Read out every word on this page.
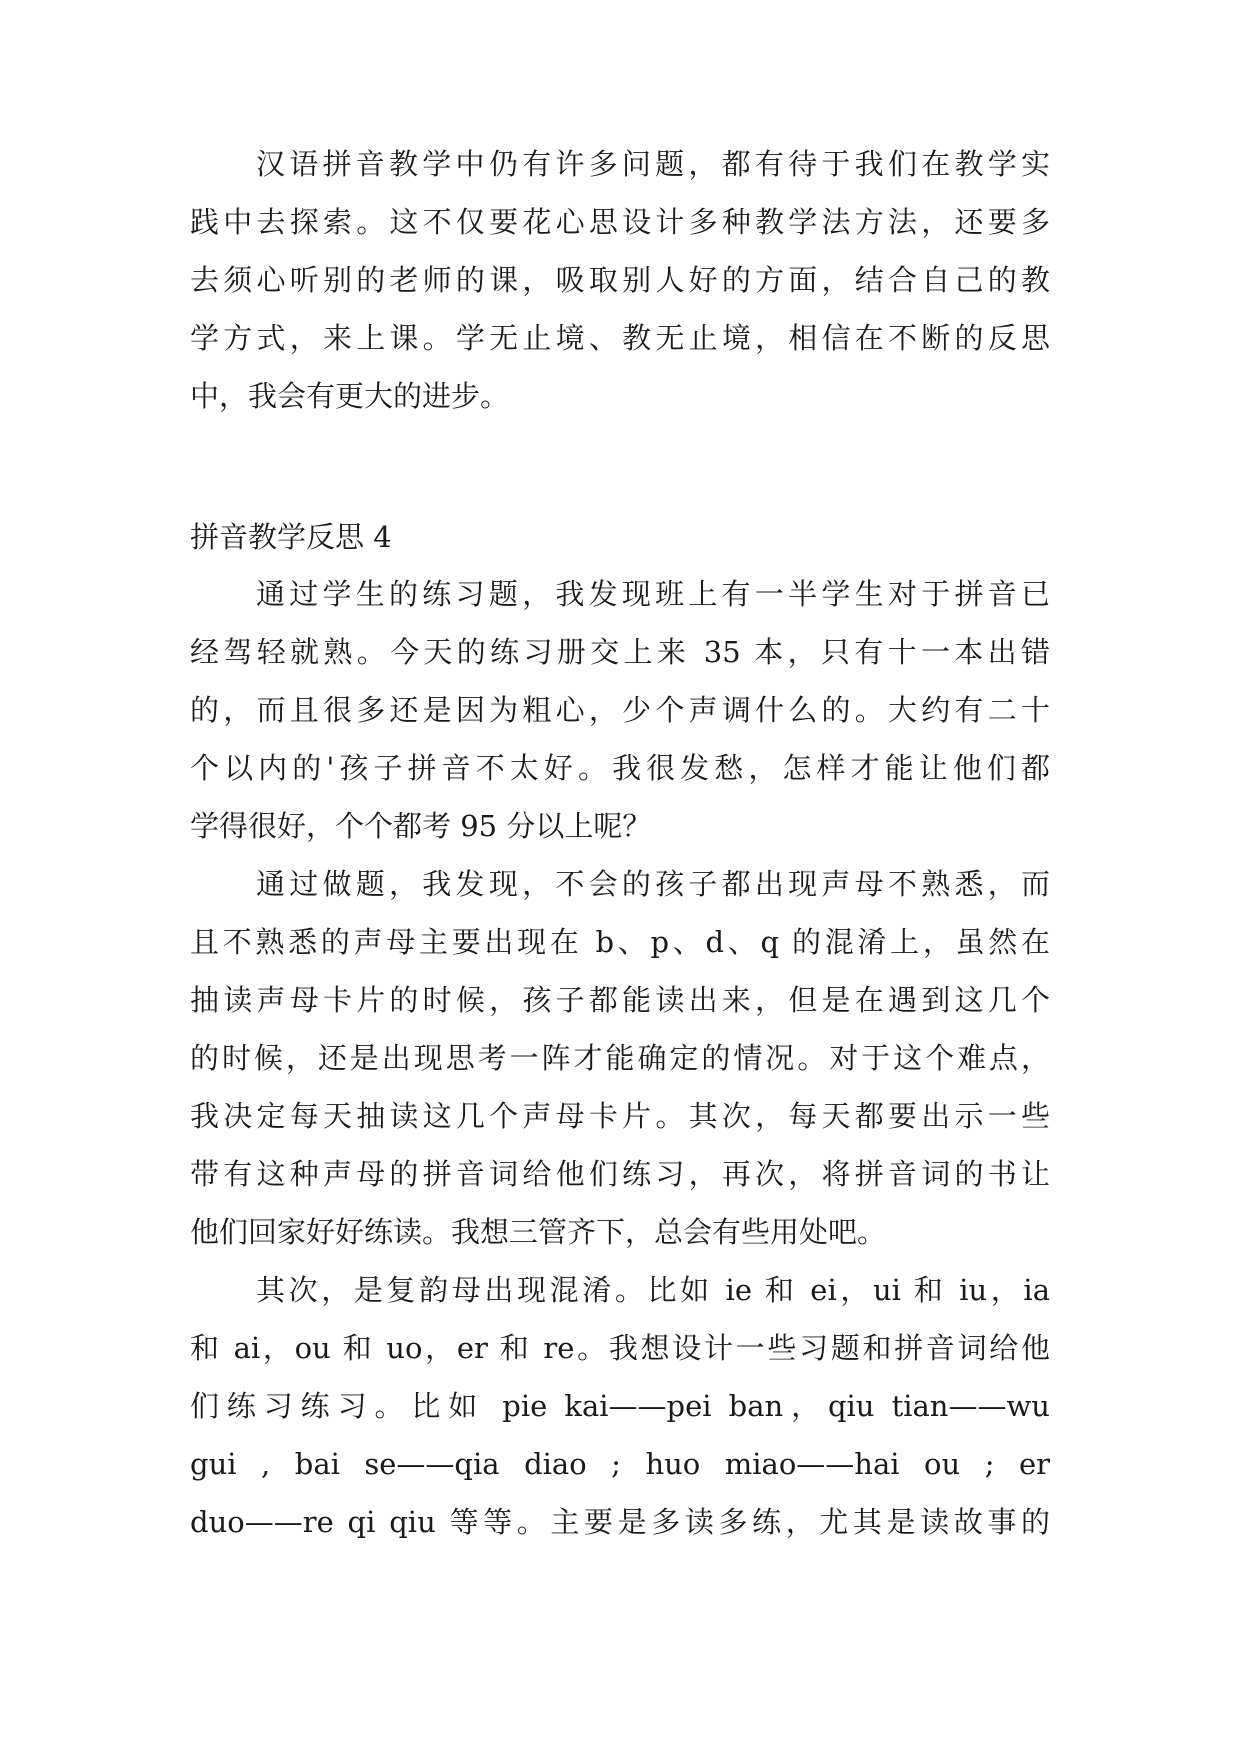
汉语拼音教学中仍有许多问题，都有待于我们在教学实
践中去探索。这不仅要花心思设计多种教学法方法，还要多
去须心听别的老师的课，吸取别人好的方面，结合自己的教
学方式，来上课。学无止境、教无止境，相信在不断的反思
中，我会有更大的进步。
拼音教学反思 4
通过学生的练习题，我发现班上有一半学生对于拼音已
经驾轻就熟。今天的练习册交上来 35 本，只有十一本出错
的，而且很多还是因为粗心，少个声调什么的。大约有二十
个以内的'孩子拼音不太好。我很发愁，怎样才能让他们都
学得很好，个个都考 95 分以上呢？
通过做题，我发现，不会的孩子都出现声母不熟悉，而
且不熟悉的声母主要出现在 b、p、d、q 的混淆上，虽然在
抽读声母卡片的时候，孩子都能读出来，但是在遇到这几个
的时候，还是出现思考一阵才能确定的情况。对于这个难点，
我决定每天抽读这几个声母卡片。其次，每天都要出示一些
带有这种声母的拼音词给他们练习，再次，将拼音词的书让
他们回家好好练读。我想三管齐下，总会有些用处吧。
其次，是复韵母出现混淆。比如 ie 和 ei，ui 和 iu，ia
和 ai，ou 和 uo，er 和 re。我想设计一些习题和拼音词给他
们练习练习。比如 pie kai——pei ban，qiu tian——wu
gui , bai se——qia diao ; huo miao——hai ou ; er
duo——re qi qiu 等等。主要是多读多练，尤其是读故事的
